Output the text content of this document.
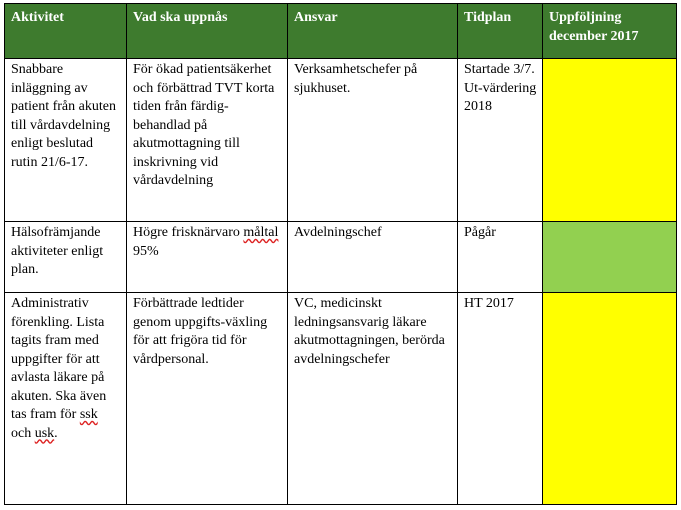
Aktivitet	Vad ska uppnås	Ansvar	Tidplan	Uppföljning december 2017
Snabbare inläggning av patient från akuten till vårdavdelning enligt beslutad rutin 21/6-17.	För ökad patientsäkerhet och förbättrad TVT korta tiden från färdig-behandlad på akutmottagning till inskrivning vid vårdavdelning	Verksamhetschefer på sjukhuset.	Startade 3/7. Ut-värdering 2018	
Hälsofrämjande aktiviteter enligt plan.	Högre frisknärvaro måltal 95%	Avdelningschef	Pågår	
Administrativ förenkling. Lista tagits fram med uppgifter för att avlasta läkare på akuten. Ska även tas fram för ssk och usk.	Förbättrade ledtider genom uppgifts-växling för att frigöra tid för vårdpersonal.	VC, medicinskt ledningsansvarig läkare akutmottagningen, berörda avdelningschefer	HT 2017	
